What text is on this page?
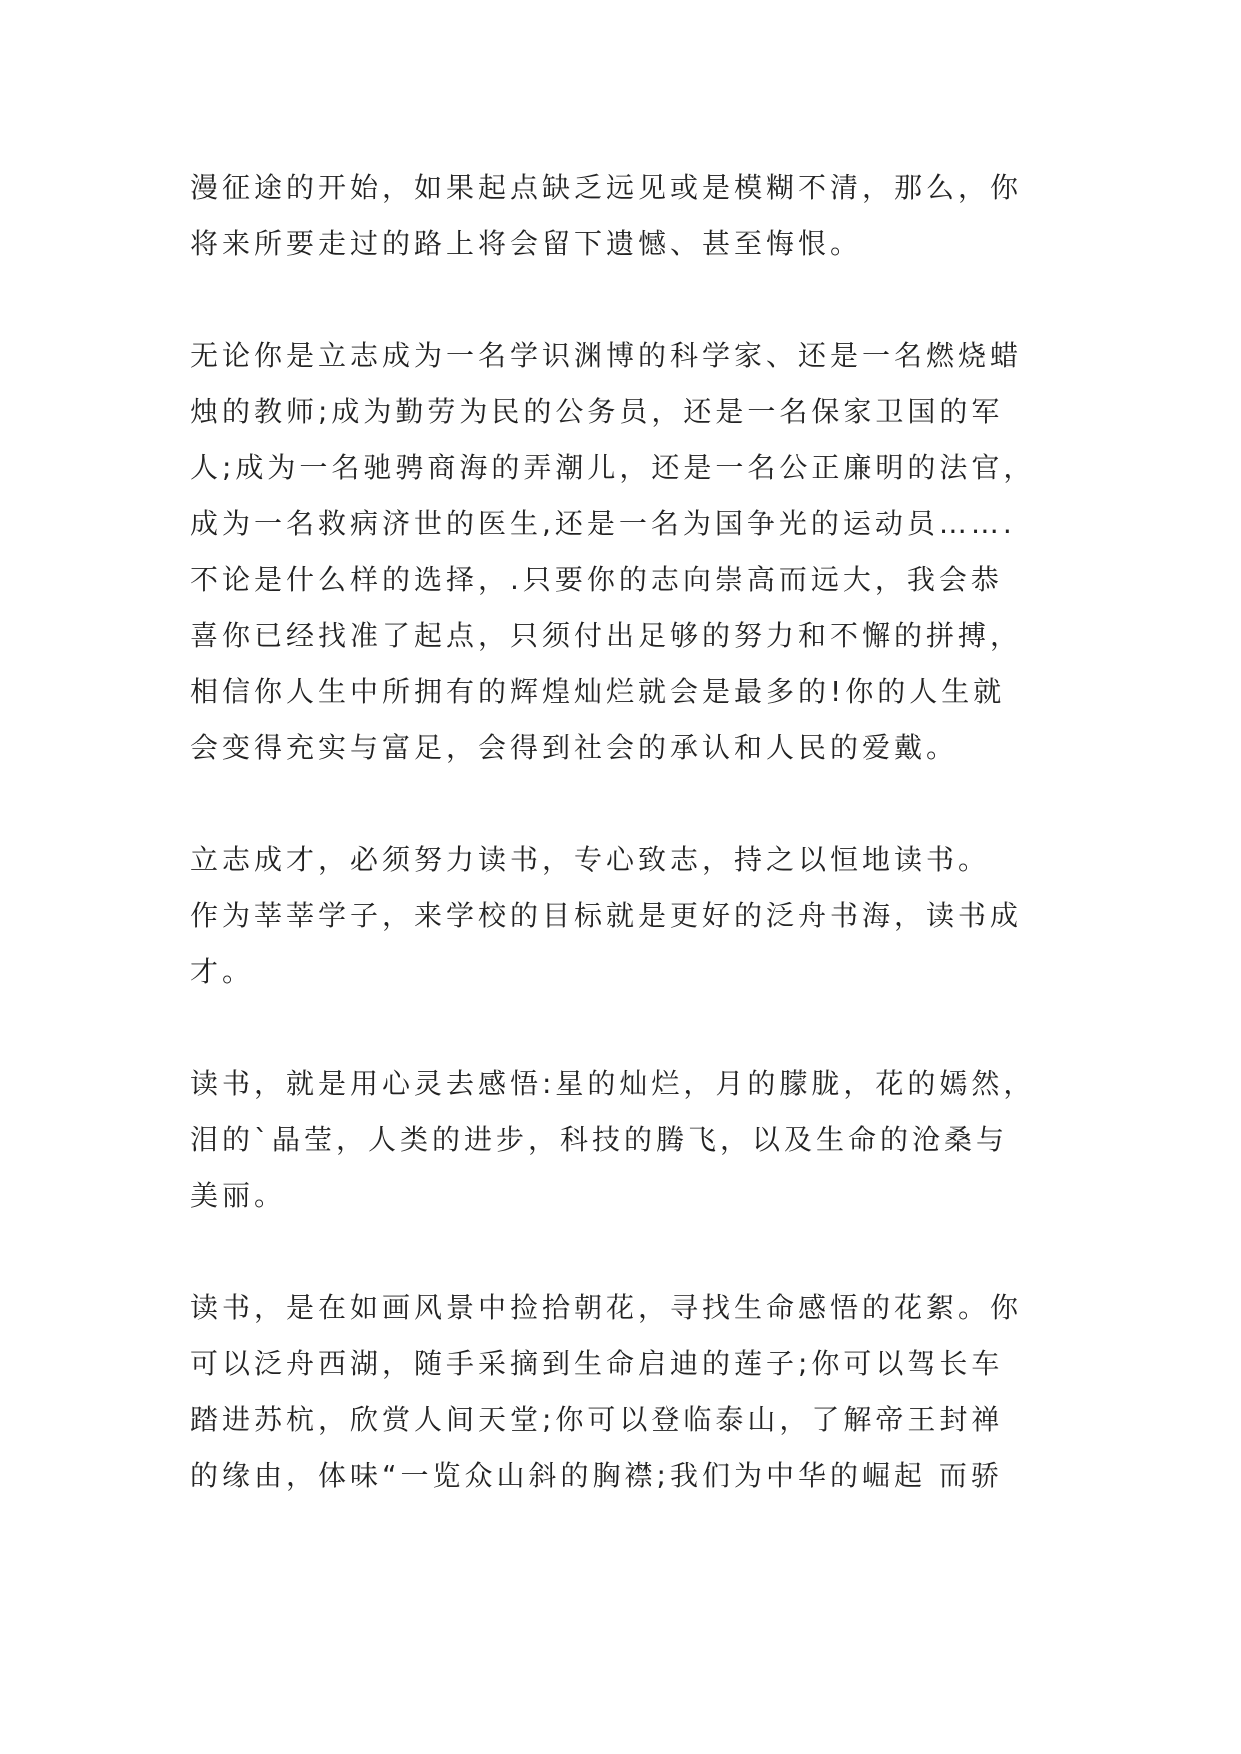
漫征途的开始，如果起点缺乏远见或是模糊不清，那么，你
将来所要走过的路上将会留下遗憾、甚至悔恨。
无论你是立志成为一名学识渊博的科学家、还是一名燃烧蜡
烛的教师;成为勤劳为民的公务员，还是一名保家卫国的军
人;成为一名驰骋商海的弄潮儿，还是一名公正廉明的法官，
成为一名救病济世的医生,还是一名为国争光的运动员…….
不论是什么样的选择，.只要你的志向崇高而远大，我会恭
喜你已经找准了起点，只须付出足够的努力和不懈的拼搏，
相信你人生中所拥有的辉煌灿烂就会是最多的!你的人生就
会变得充实与富足，会得到社会的承认和人民的爱戴。
立志成才，必须努力读书，专心致志，持之以恒地读书。
作为莘莘学子，来学校的目标就是更好的泛舟书海，读书成
才。
读书，就是用心灵去感悟:星的灿烂，月的朦胧，花的嫣然，
泪的`晶莹，人类的进步，科技的腾飞，以及生命的沧桑与
美丽。
读书，是在如画风景中捡拾朝花，寻找生命感悟的花絮。你
可以泛舟西湖，随手采摘到生命启迪的莲子;你可以驾长车
踏进苏杭，欣赏人间天堂;你可以登临泰山，了解帝王封禅
的缘由，体味“一览众山斜的胸襟;我们为中华的崛起 而骄
